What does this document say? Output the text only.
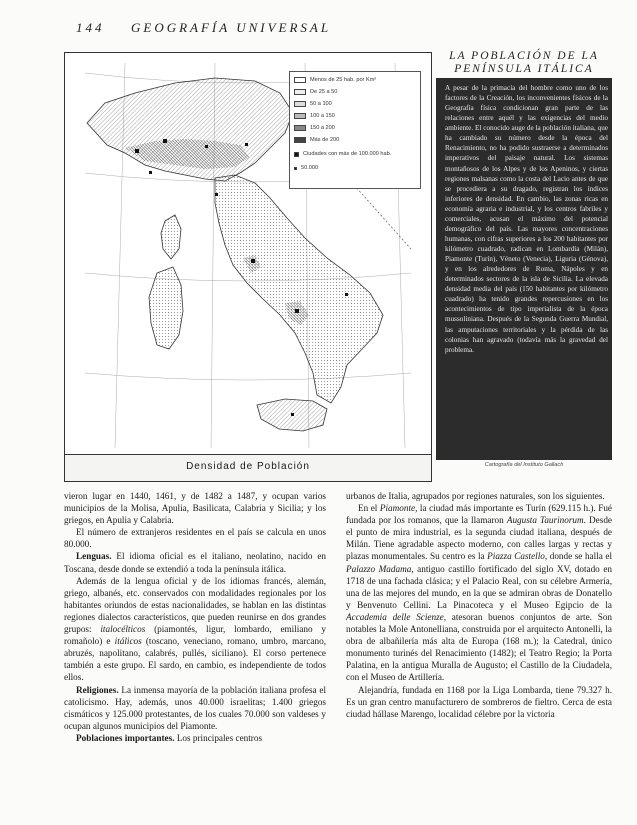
144 GEOGRAFÍA UNIVERSAL
Menos de 25 hab. por Km²
De 25 a 50
50 a 100
100 a 150
150 a 200
Más de 200
Ciudades con más de 100.000 hab.
50.000
Densidad de Población
LA POBLACIÓN DE LA
PENÍNSULA ITÁLICA
A pesar de la primacía del hombre como uno de los factores de la Creación, los inconvenientes físicos de la Geografía física condicionan gran parte de las relaciones entre aquél y las exigencias del medio ambiente. El conocido auge de la población italiana, que ha cambiado su número desde la época del Renacimiento, no ha podido sustraerse a determinados imperativos del paisaje natural. Los sistemas montañosos de los Alpes y de los Apeninos, y ciertas regiones malsanas como la costa del Lacio antes de que se procediera a su dragado, registran los índices inferiores de densidad. En cambio, las zonas ricas en economía agraria e industrial, y los centros fabriles y comerciales, acusan el máximo del potencial demográfico del país. Las mayores concentraciones humanas, con cifras superiores a los 200 habitantes por kilómetro cuadrado, radican en Lombardía (Milán), Piamonte (Turín), Véneto (Venecia), Liguria (Génova), y en los alrededores de Roma, Nápoles y en determinados sectores de la isla de Sicilia. La elevada densidad media del país (150 habitantes por kilómetro cuadrado) ha tenido grandes repercusiones en los acontecimientos de tipo imperialista de la época mussoliniana. Después de la Segunda Guerra Mundial, las amputaciones territoriales y la pérdida de las colonias han agravado (todavía más la gravedad del problema.
Cartografía del Instituto Gallach

vieron lugar en 1440, 1461, y de 1482 a 1487, y ocupan varios municipios de la Molisa, Apulia, Basilicata, Calabria y Sicilia; y los griegos, en Apulia y Calabria.

El número de extranjeros residentes en el país se calcula en unos 80.000.

Lenguas. El idioma oficial es el italiano, neolatino, nacido en Toscana, desde donde se extendió a toda la península itálica.

Además de la lengua oficial y de los idiomas francés, alemán, griego, albanés, etc. conservados con modalidades regionales por los habitantes oriundos de estas nacionalidades, se hablan en las distintas regiones dialectos característicos, que pueden reunirse en dos grandes grupos: italocélticos (piamontés, ligur, lombardo, emiliano y romañolo) e itálicos (toscano, veneciano, romano, umbro, marcano, abruzés, napolitano, calabrés, pullés, siciliano). El corso pertenece también a este grupo. El sardo, en cambio, es independiente de todos ellos.

Religiones. La inmensa mayoría de la población italiana profesa el catolicismo. Hay, además, unos 40.000 israelitas; 1.400 griegos cismáticos y 125.000 protestantes, de los cuales 70.000 son valdeses y ocupan algunos municipios del Piamonte.

Poblaciones importantes. Los principales centros

urbanos de Italia, agrupados por regiones naturales, son los siguientes.

En el Piamonte, la ciudad más importante es Turín (629.115 h.). Fué fundada por los romanos, que la llamaron Augusta Taurinorum. Desde el punto de mira industrial, es la segunda ciudad italiana, después de Milán. Tiene agradable aspecto moderno, con calles largas y rectas y plazas monumentales. Su centro es la Piazza Castello, donde se halla el Palazzo Madama, antiguo castillo fortificado del siglo XV, dotado en 1718 de una fachada clásica; y el Palacio Real, con su célebre Armería, una de las mejores del mundo, en la que se admiran obras de Donatello y Benvenuto Cellini. La Pinacoteca y el Museo Egipcio de la Accademia delle Scienze, atesoran buenos conjuntos de arte. Son notables la Mole Antonelliana, construida por el arquitecto Antonelli, la obra de albañilería más alta de Europa (168 m.); la Catedral, único monumento turinés del Renacimiento (1482); el Teatro Regio; la Porta Palatina, en la antigua Muralla de Augusto; el Castillo de la Ciudadela, con el Museo de Artillería.

Alejandría, fundada en 1168 por la Liga Lombarda, tiene 79.327 h. Es un gran centro manufacturero de sombreros de fieltro. Cerca de esta ciudad hállase Marengo, localidad célebre por la victoria
